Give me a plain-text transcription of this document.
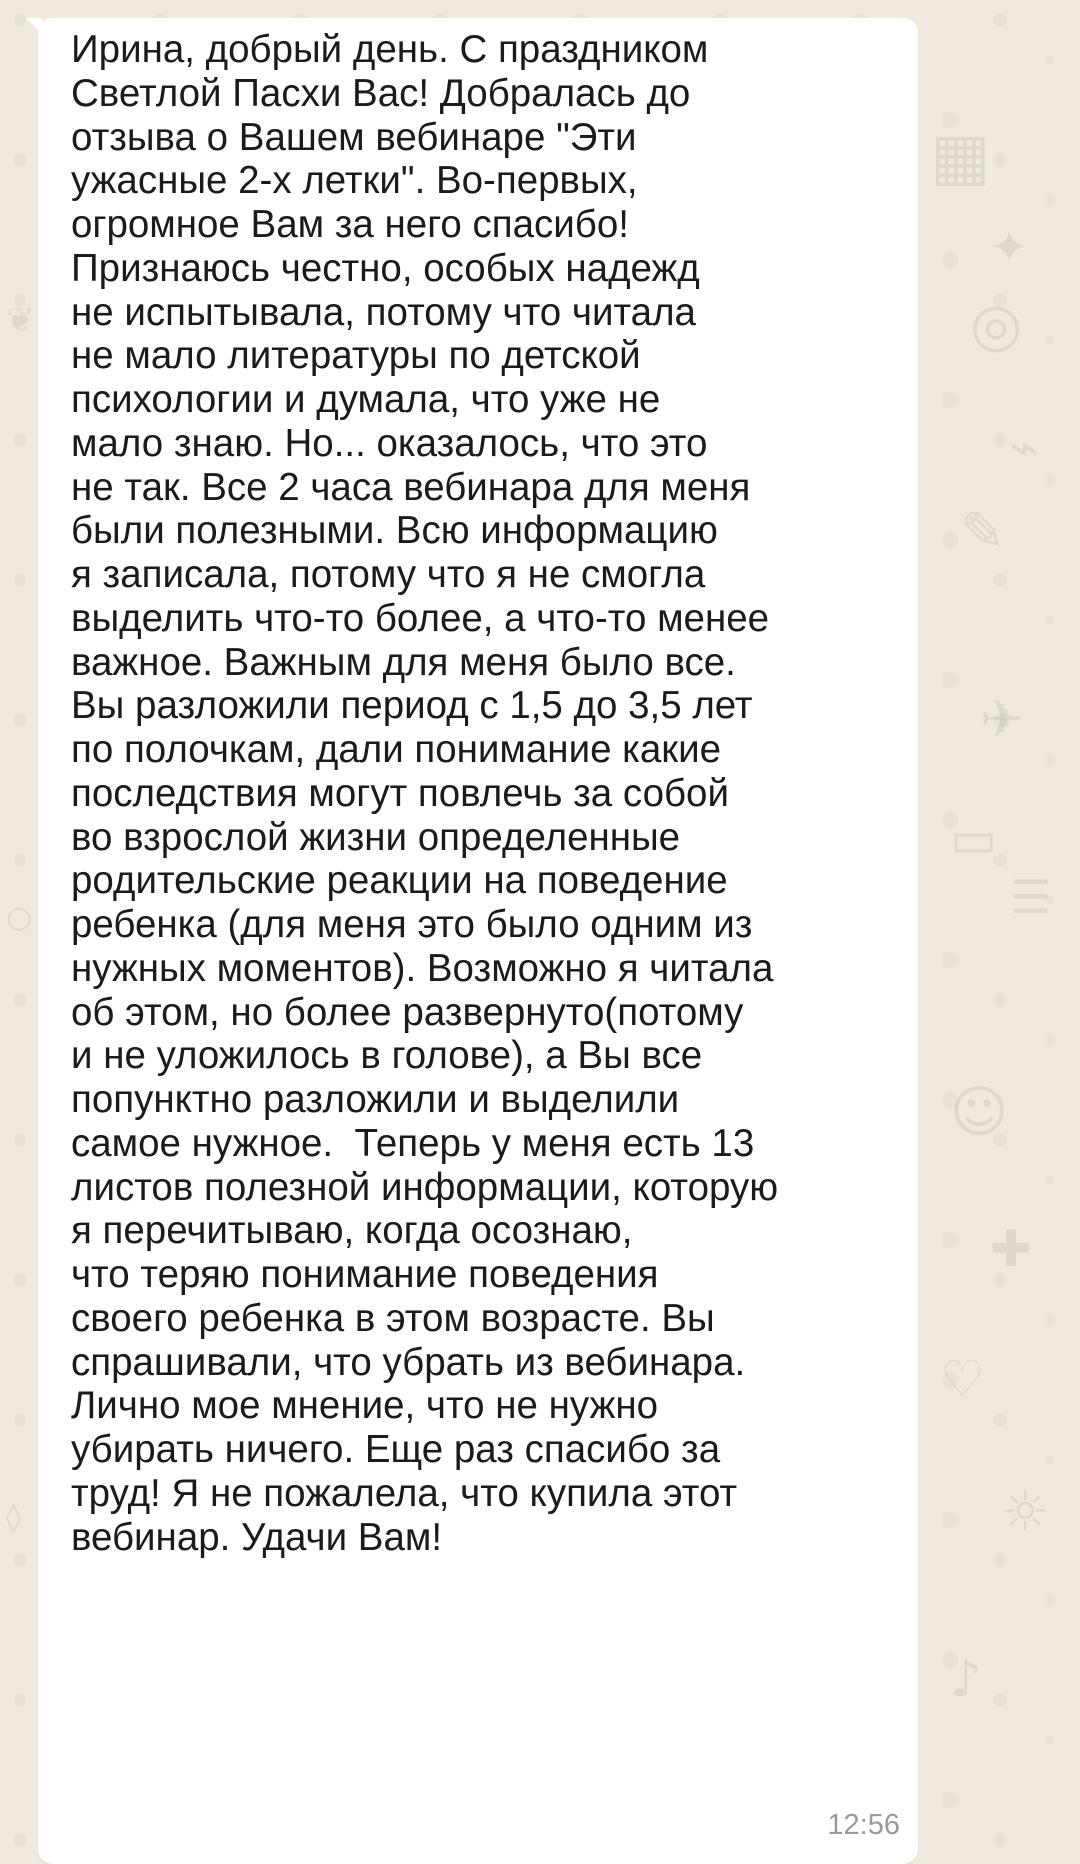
▦
✦
◎
⌁
✎
✈
▭
☰
☺
✚
♡
☼
♪
❦
○
◊

Ирина, добрый день. С праздником
Светлой Пасхи Вас! Добралась до
отзыва о Вашем вебинаре "Эти
ужасные 2-х летки". Во-первых,
огромное Вам за него спасибо!
Признаюсь честно, особых надежд
не испытывала, потому что читала
не мало литературы по детской
психологии и думала, что уже не
мало знаю. Но... оказалось, что это
не так. Все 2 часа вебинара для меня
были полезными. Всю информацию
я записала, потому что я не смогла
выделить что-то более, а что-то менее
важное. Важным для меня было все.
Вы разложили период с 1,5 до 3,5 лет
по полочкам, дали понимание какие
последствия могут повлечь за собой
во взрослой жизни определенные
родительские реакции на поведение
ребенка (для меня это было одним из
нужных моментов). Возможно я читала
об этом, но более развернуто(потому
и не уложилось в голове), а Вы все
попунктно разложили и выделили
самое нужное.  Теперь у меня есть 13
листов полезной информации, которую
я перечитываю, когда осознаю,
что теряю понимание поведения
своего ребенка в этом возрасте. Вы
спрашивали, что убрать из вебинара.
Лично мое мнение, что не нужно
убирать ничего. Еще раз спасибо за
труд! Я не пожалела, что купила этот
вебинар. Удачи Вам!

12:56
